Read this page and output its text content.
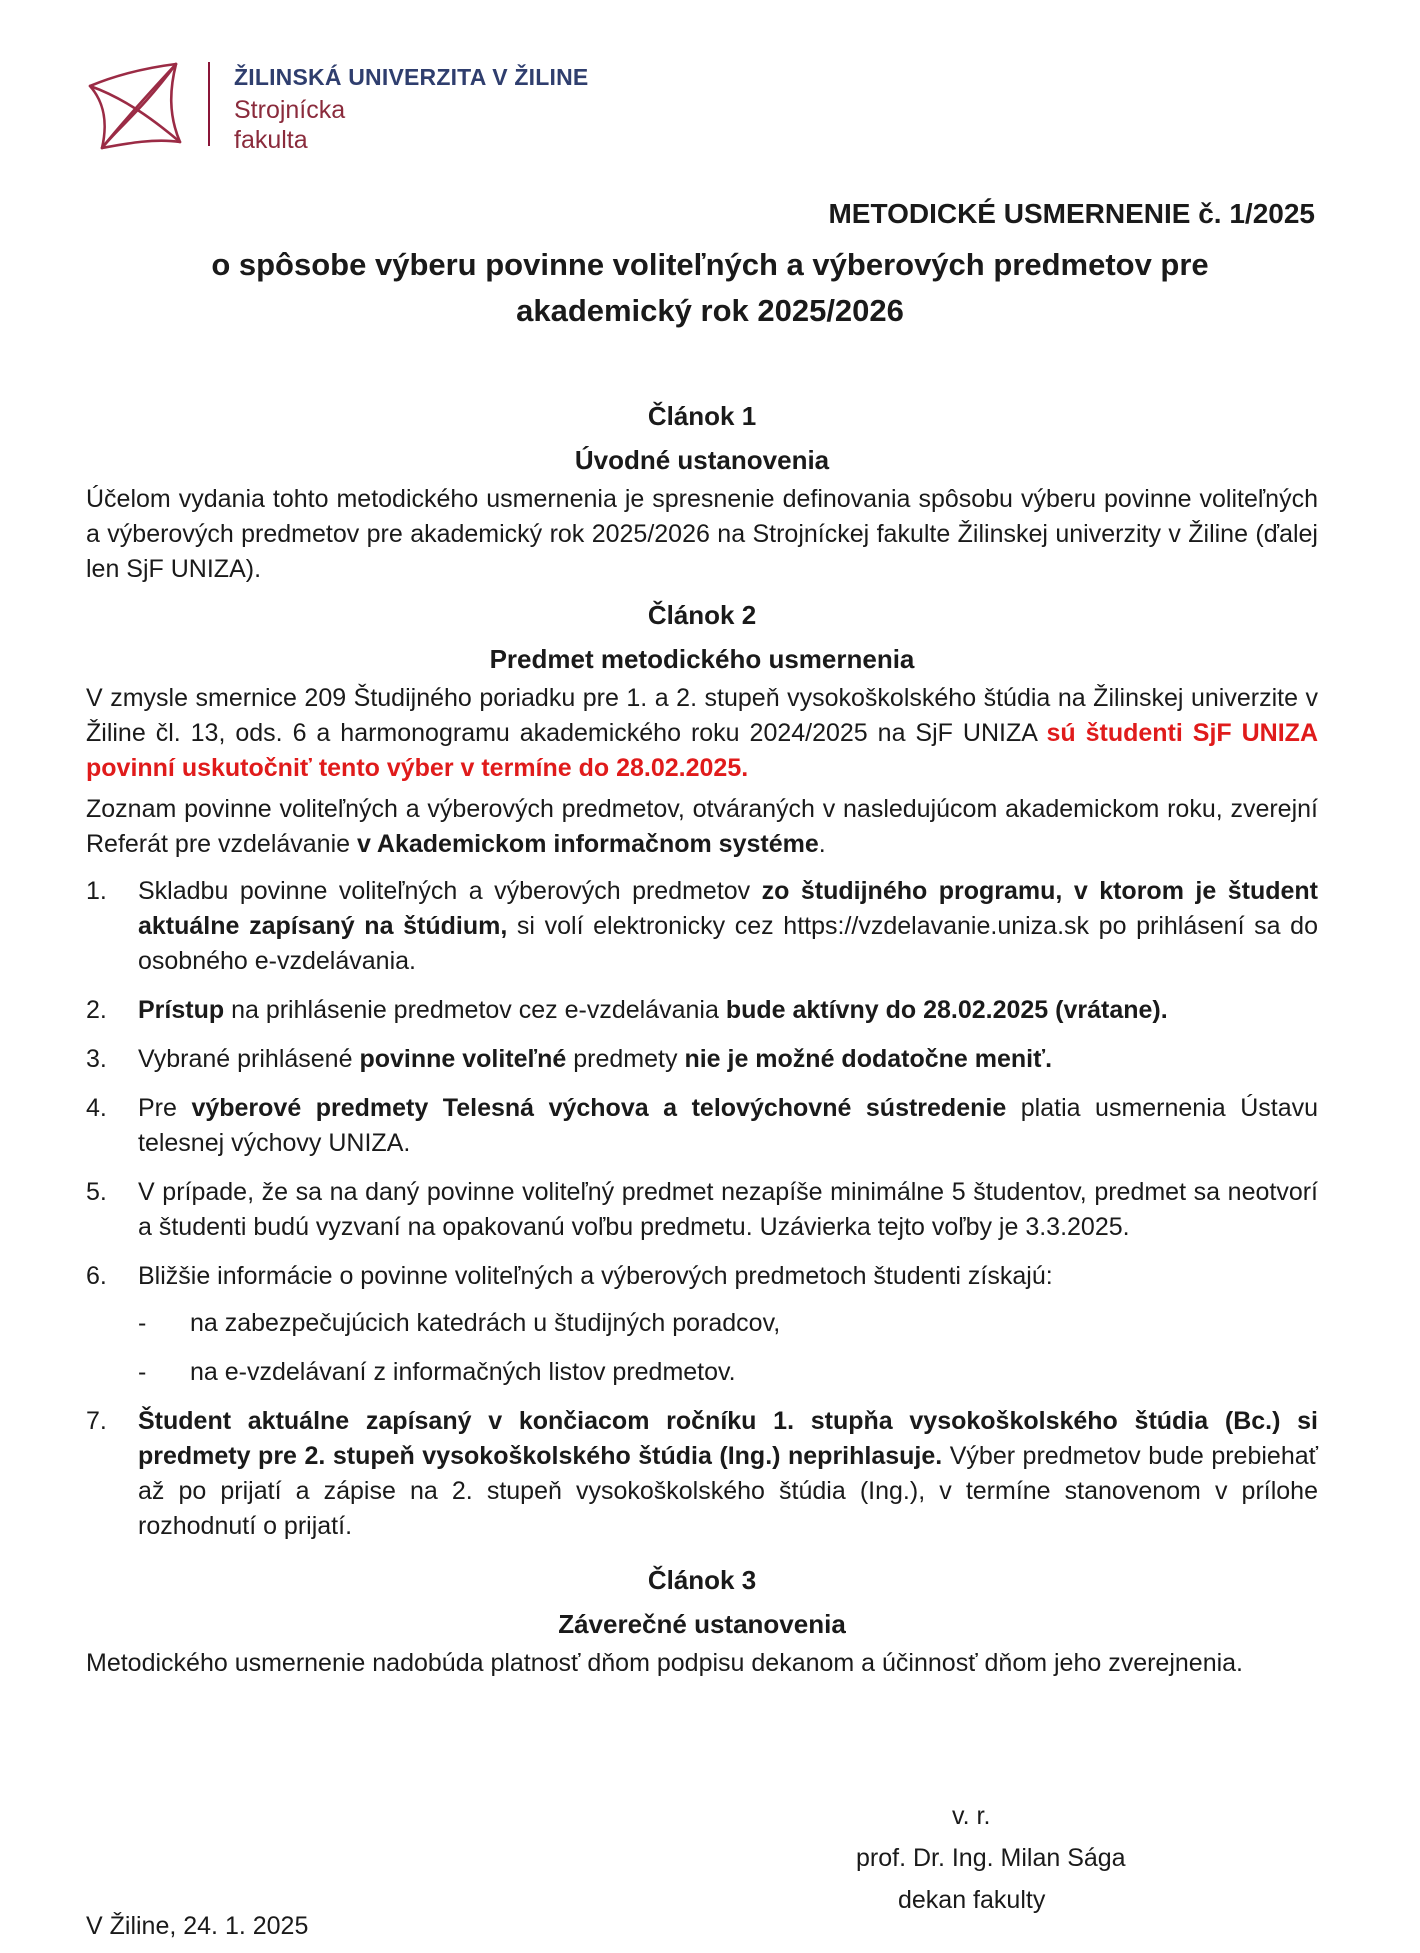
ŽILINSKÁ UNIVERZITA V ŽILINE
Strojnícka
fakulta
METODICKÉ USMERNENIE č. 1/2025
o spôsobe výberu povinne voliteľných a výberových predmetov pre
akademický rok 2025/2026
Článok 1
Úvodné ustanovenia

Účelom vydania tohto metodického usmernenia je spresnenie definovania spôsobu výberu povinne voliteľných a výberových predmetov pre akademický rok 2025/2026 na Strojníckej fakulte Žilinskej univerzity v Žiline (ďalej len SjF UNIZA).

Článok 2
Predmet metodického usmernenia

V zmysle smernice 209 Študijného poriadku pre 1. a 2. stupeň vysokoškolského štúdia na Žilinskej univerzite v Žiline čl. 13, ods. 6 a harmonogramu akademického roku 2024/2025 na SjF UNIZA sú študenti SjF UNIZA povinní uskutočniť tento výber v termíne do 28.02.2025.

Zoznam povinne voliteľných a výberových predmetov, otváraných v nasledujúcom akademickom roku, zverejní Referát pre vzdelávanie v Akademickom informačnom systéme.

1. Skladbu povinne voliteľných a výberových predmetov zo študijného programu, v ktorom je študent aktuálne zapísaný na štúdium, si volí elektronicky cez https://vzdelavanie.uniza.sk po prihlásení sa do osobného e-vzdelávania.
2. Prístup na prihlásenie predmetov cez e-vzdelávania bude aktívny do 28.02.2025 (vrátane).
3. Vybrané prihlásené povinne voliteľné predmety nie je možné dodatočne meniť.
4. Pre výberové predmety Telesná výchova a telovýchovné sústredenie platia usmernenia Ústavu telesnej výchovy UNIZA.
5. V prípade, že sa na daný povinne voliteľný predmet nezapíše minimálne 5 študentov, predmet sa neotvorí a študenti budú vyzvaní na opakovanú voľbu predmetu. Uzávierka tejto voľby je 3.3.2025.
6. Bližšie informácie o povinne voliteľných a výberových predmetoch študenti získajú:
- na zabezpečujúcich katedrách u študijných poradcov,
- na e-vzdelávaní z informačných listov predmetov.
7. Študent aktuálne zapísaný v končiacom ročníku 1. stupňa vysokoškolského štúdia (Bc.) si predmety pre 2. stupeň vysokoškolského štúdia (Ing.) neprihlasuje. Výber predmetov bude prebiehať až po prijatí a zápise na 2. stupeň vysokoškolského štúdia (Ing.), v termíne stanovenom v prílohe rozhodnutí o prijatí.
Článok 3
Záverečné ustanovenia

Metodického usmernenie nadobúda platnosť dňom podpisu dekanom a účinnosť dňom jeho zverejnenia.

v. r.
prof. Dr. Ing. Milan Sága
dekan fakulty
V Žiline, 24. 1. 2025
